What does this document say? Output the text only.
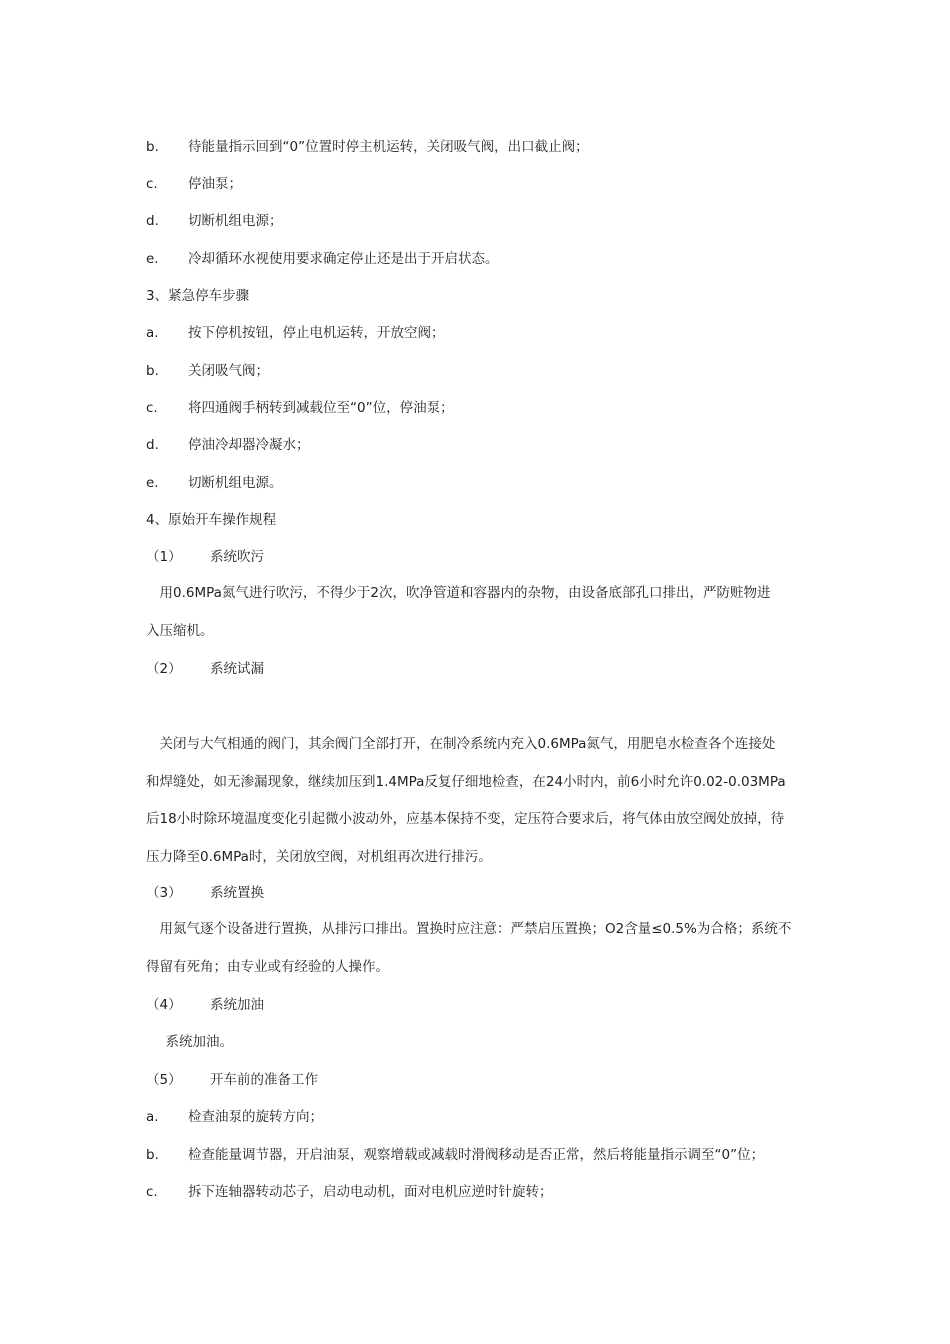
b. 待能量指示回到“0”位置时停主机运转，关闭吸气阀，出口截止阀；
c. 停油泵；
d. 切断机组电源；
e. 冷却循环水视使用要求确定停止还是出于开启状态。
3、紧急停车步骤
a. 按下停机按钮，停止电机运转，开放空阀；
b. 关闭吸气阀；
c. 将四通阀手柄转到减载位至“0”位，停油泵；
d. 停油冷却器冷凝水；
e. 切断机组电源。
4、原始开车操作规程
（1） 系统吹污

　用0.6MPa氮气进行吹污，不得少于2次，吹净管道和容器内的杂物，由设备底部孔口排出，严防赃物进

入压缩机。

（2） 系统试漏

　关闭与大气相通的阀门，其余阀门全部打开，在制冷系统内充入0.6MPa氮气，用肥皂水检查各个连接处

和焊缝处，如无渗漏现象，继续加压到1.4MPa反复仔细地检查，在24小时内，前6小时允许0.02-0.03MPa

后18小时除环境温度变化引起微小波动外，应基本保持不变，定压符合要求后，将气体由放空阀处放掉，待

压力降至0.6MPa时，关闭放空阀，对机组再次进行排污。

（3） 系统置换

　用氮气逐个设备进行置换，从排污口排出。置换时应注意：严禁启压置换；O2含量≤0.5%为合格；系统不

得留有死角；由专业或有经验的人操作。

（4） 系统加油
　系统加油。
（5） 开车前的准备工作
a. 检查油泵的旋转方向；
b. 检查能量调节器，开启油泵，观察增载或减载时滑阀移动是否正常，然后将能量指示调至“0”位；
c. 拆下连轴器转动芯子，启动电动机，面对电机应逆时针旋转；
